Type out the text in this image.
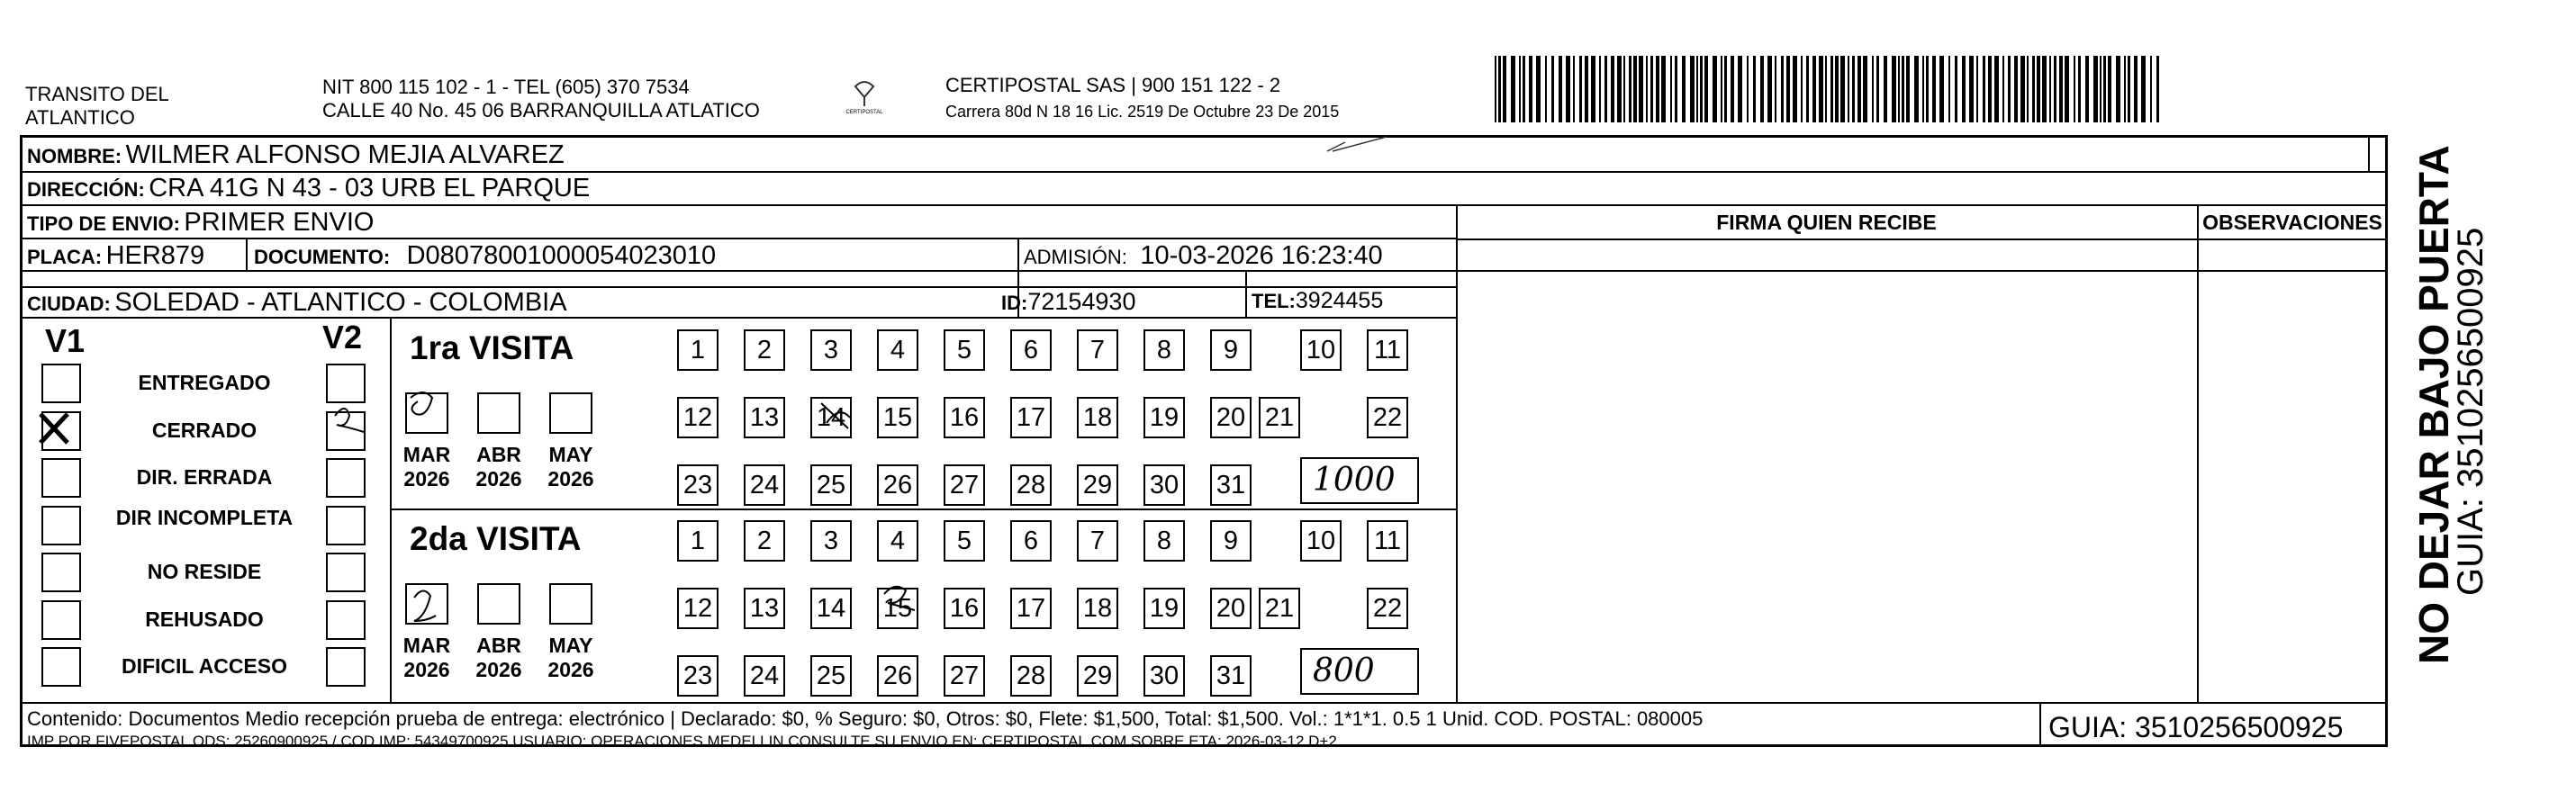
TRANSITO DEL
ATLANTICO
NIT 800 115 102 - 1 - TEL (605) 370 7534
CALLE 40 No. 45 06 BARRANQUILLA ATLATICO	CERTIPOSTAL
CERTIPOSTAL SAS | 900 151 122 - 2
Carrera 80d N 18 16 Lic. 2519 De Octubre 23 De 2015
NOMBRE: WILMER ALFONSO MEJIA ALVAREZ
DIRECCIÓN: CRA 41G N 43 - 03 URB EL PARQUE
TIPO DE ENVIO: PRIMER ENVIO
PLACA: HER879 DOCUMENTO: D08078001000054023010	ADMISIÓN: 10-03-2026 16:23:40
CIUDAD: SOLEDAD - ATLANTICO - COLOMBIA	ID:72154930	TEL:3924455
FIRMA QUIEN RECIBE	OBSERVACIONES
V1	V2
ENTREGADO
CERRADO
DIR. ERRADA
DIR INCOMPLETA
NO RESIDE
REHUSADO
DIFICIL ACCESO
1ra VISITA
2da VISITA
MAR
2026
ABR
2026
MAY
2026
1	2	3	4	5	6	7	8	9	10 11
12 13 14 15 16 17 18 19 20 21	22
23 24 25 26 27 28 29 30 31 1000
MAR
2026
ABR
2026
MAY
2026
1	2	3	4	5	6	7	8	9	10 11
12 13 14 15 16 17 18 19 20 21	22
23 24 25 26 27 28 29 30 31 800
Contenido: Documentos Medio recepción prueba de entrega: electrónico | Declarado: $0, % Seguro: $0, Otros: $0, Flete: $1,500, Total: $1,500. Vol.: 1*1*1. 0.5 1 Unid. COD. POSTAL: 080005
IMP POR FIVEPOSTAL ODS: 25260900925 / COD.IMP: 54349700925 USUARIO: OPERACIONES MEDELLIN CONSULTE SU ENVIO EN: CERTIPOSTAL.COM SOBRE ETA: 2026-03-12 D+2	GUIA: 3510256500925
NO DEJAR BAJO PUERTA
GUIA: 3510256500925
